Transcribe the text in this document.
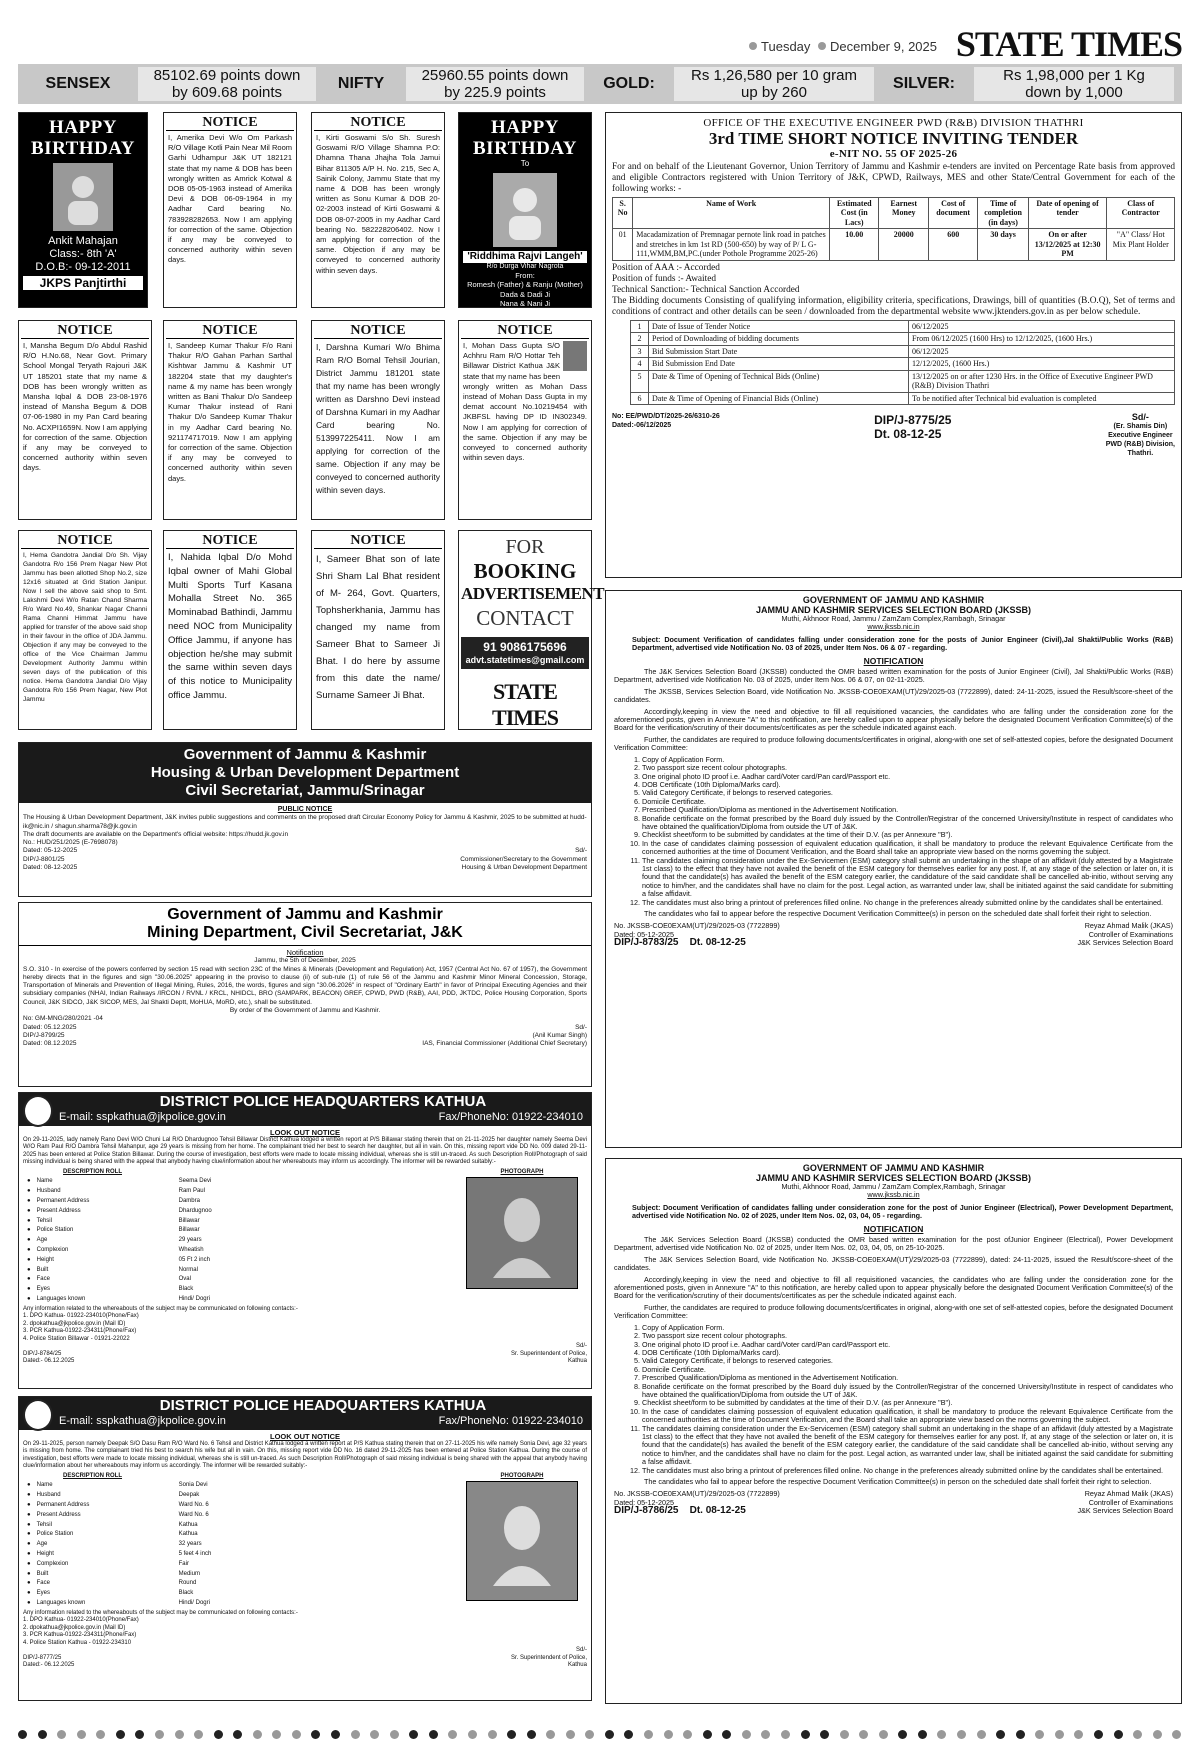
Tuesday December 9, 2025 STATE TIMES
SENSEX	85102.69 points down
by 609.68 points
NIFTY	25960.55 points down
by 225.9 points
GOLD:	Rs 1,26,580 per 10 gram
up by 260
SILVER:	Rs 1,98,000 per 1 Kg
down by 1,000
HAPPY
BIRTHDAY
Ankit Mahajan
Class:- 8th 'A'
D.O.B:- 09-12-2011
JKPS Panjtirthi
NOTICE
I, Amerika Devi W/o Om Parkash R/O Village Kotli Pain Near Mil Room Garhi Udhampur J&K UT 182121 state that my name & DOB has been wrongly written as Amrick Kotwal & DOB 05-05-1963 instead of Amerika Devi & DOB 06-09-1964 in my Aadhar Card bearing No. 783928282653. Now I am applying for correction of the same. Objection if any may be conveyed to concerned authority within seven days.
NOTICE
I, Kirti Goswami S/o Sh. Suresh Goswami R/O Village Shamna P.O: Dhamna Thana Jhajha Tola Jamui Bihar 811305 A/P H. No. 215, Sec A, Sainik Colony, Jammu State that my name & DOB has been wrongly written as Sonu Kumar & DOB 20-02-2003 instead of Kirti Goswami & DOB 08-07-2005 in my Aadhar Card bearing No. 582228206402. Now I am applying for correction of the same. Objection if any may be conveyed to concerned authority within seven days.
HAPPY
BIRTHDAY
To
'Riddhima Rajvi Langeh'
R/o Durga Vihar Nagrota
From:
Romesh (Father) & Ranju (Mother)
Dada & Dadi Ji
Nana & Nani Ji
NOTICE
I, Mansha Begum D/o Abdul Rashid R/O H.No.68, Near Govt. Primary School Mongal Teryath Rajouri J&K UT 185201 state that my name & DOB has been wrongly written as Mansha Iqbal & DOB 23-08-1976 instead of Mansha Begum & DOB 07-06-1980 in my Pan Card bearing No. ACXPI1659N. Now I am applying for correction of the same. Objection if any may be conveyed to concerned authority within seven days.
NOTICE
I, Sandeep Kumar Thakur F/o Rani Thakur R/O Gahan Parhan Sarthal Kishtwar Jammu & Kashmir UT 182204 state that my daughter's name & my name has been wrongly written as Bani Thakur D/o Sandeep Kumar Thakur instead of Rani Thakur D/o Sandeep Kumar Thakur in my Aadhar Card bearing No. 921174717019. Now I am applying for correction of the same. Objection if any may be conveyed to concerned authority within seven days.
NOTICE
I, Darshna Kumari W/o Bhima Ram R/O Bomal Tehsil Jourian, District Jammu 181201 state that my name has been wrongly written as Darshno Devi instead of Darshna Kumari in my Aadhar Card bearing No. 513997225411. Now I am applying for correction of the same. Objection if any may be conveyed to concerned authority within seven days.
NOTICE
I, Mohan Dass Gupta S/O Achhru Ram R/O Hottar Teh Billawar District Kathua J&K state that my name has been wrongly written as Mohan Dass instead of Mohan Dass Gupta in my demat account No.10219454 with JKBFSL having DP ID IN302349. Now I am applying for correction of the same. Objection if any may be conveyed to concerned authority within seven days.
NOTICE
I, Hema Gandotra Jandial D/o Sh. Vijay Gandotra R/o 156 Prem Nagar New Plot Jammu has been allotted Shop No.2, size 12x16 situated at Grid Station Janipur. Now I sell the above said shop to Smt. Lakshmi Devi W/o Ratan Chand Sharma R/o Ward No.49, Shankar Nagar Channi Rama Channi Himmat Jammu have applied for transfer of the above said shop in their favour in the office of JDA Jammu. Objection if any may be conveyed to the office of the Vice Chairman Jammu Development Authority Jammu within seven days of the publication of this notice. Hema Gandotra Jandial D/o Vijay Gandotra R/o 156 Prem Nagar, New Plot Jammu
NOTICE
I, Nahida Iqbal D/o Mohd Iqbal owner of Mahi Global Multi Sports Turf Kasana Mohalla Street No. 365 Mominabad Bathindi, Jammu need NOC from Municipality Office Jammu, if anyone has objection he/she may submit the same within seven days of this notice to Municipality office Jammu.
NOTICE
I, Sameer Bhat son of late Shri Sham Lal Bhat resident of M- 264, Govt. Quarters, Tophsherkhania, Jammu has changed my name from Sameer Bhat to Sameer Ji Bhat. I do here by assume from this date the name/ Surname Sameer Ji Bhat.
FOR
BOOKING
ADVERTISEMENT
CONTACT
91 9086175696
advt.statetimes@gmail.com
STATE TIMES
Government of Jammu & Kashmir
Housing & Urban Development Department
Civil Secretariat, Jammu/Srinagar
PUBLIC NOTICE
The Housing & Urban Development Department, J&K invites public suggestions and comments on the proposed draft Circular Economy Policy for Jammu & Kashmir, 2025 to be submitted at hudd-ik@nic.in / shagun.sharma78@jk.gov.in
The draft documents are available on the Department's official website: https://hudd.jk.gov.in
No.: HUD/251/2025 (E-7698078)
Dated: 05-12-2025	Sd/-
DIP/J-8801/25	Commissioner/Secretary to the Government
Dated: 08-12-2025	Housing & Urban Development Department
Government of Jammu and Kashmir
Mining Department, Civil Secretariat, J&K
Notification
Jammu, the 5th of December, 2025
S.O. 310 - In exercise of the powers conferred by section 15 read with section 23C of the Mines & Minerals (Development and Regulation) Act, 1957 (Central Act No. 67 of 1957), the Government hereby directs that in the figures and sign "30.06.2025" appearing in the proviso to clause (ii) of sub-rule (1) of rule 56 of the Jammu and Kashmir Minor Mineral Concession, Storage, Transportation of Minerals and Prevention of Illegal Mining, Rules, 2016, the words, figures and sign "30.06.2026" in respect of "Ordinary Earth" in favor of Principal Executing Agencies and their subsidiary companies (NHAI, Indian Railways /IRCON / RVNL / KRCL, NHIDCL, BRO (SAMPARK, BEACON) GREF, CPWD, PWD (R&B), AAI, PDD, JKTDC, Police Housing Corporation, Sports Council, J&K SIDCO, J&K SICOP, MES, Jal Shakti Deptt, MoHUA, MoRD, etc.), shall be substituted.
By order of the Government of Jammu and Kashmir.
No: GM-MNG/280/2021 -04
Dated: 05.12.2025	Sd/-
DIP/J-8799/25	(Anil Kumar Singh)
Dated: 08.12.2025	IAS, Financial Commissioner (Additional Chief Secretary)
DISTRICT POLICE HEADQUARTERS KATHUA
E-mail: sspkathua@jkpolice.gov.in	Fax/PhoneNo: 01922-234010
LOOK OUT NOTICE
On 29-11-2025, lady namely Rano Devi W/O Chuni Lal R/O Dhardugnoo Tehsil Billawar District Kathua lodged a written report at P/S Billawar stating therein that on 21-11-2025 her daughter namely Seema Devi W/O Ram Paul R/O Dambra Tehsil Mahanpur, age 29 years is missing from her home. The complainant tried her best to search her daughter, but all in vain. On this, missing report vide DD No. 009 dated 29-11-2025 has been entered at Police Station Billawar. During the course of investigation, best efforts were made to locate missing individual, whereas she is still un-traced. As such Description Roll/Photograph of said missing individual is being shared with the appeal that anybody having clue/information about her whereabouts may inform us accordingly. The informer will be rewarded suitably:-
DESCRIPTION ROLL
●	Name	Seema Devi
●	Husband	Ram Paul
●	Permanent Address	Dambra
●	Present Address	Dhardugnoo
●	Tehsil	Billawar
●	Police Station	Billawar
●	Age	29 years
●	Complexion	Wheatish
●	Height	05 Ft 2 inch
●	Built	Normal
●	Face	Oval
●	Eyes	Black
●	Languages known	Hindi/ Dogri
PHOTOGRAPH
Any information related to the whereabouts of the subject may be communicated on following contacts:-
1. DPO Kathua- 01922-234010(Phone/Fax)
2. dpokathua@jkpolice.gov.in (Mail ID)
3. PCR Kathua-01922-234311(Phone/Fax)
4. Police Station Billawar - 01921-22022
Sd/-
DIP/J-8784/25	Sr. Superintendent of Police,
Dated:- 06.12.2025	Kathua
DISTRICT POLICE HEADQUARTERS KATHUA
E-mail: sspkathua@jkpolice.gov.in	Fax/PhoneNo: 01922-234010
LOOK OUT NOTICE
On 29-11-2025, person namely Deepak S/O Dasu Ram R/O Ward No. 6 Tehsil and District Kathua lodged a written report at P/S Kathua stating therein that on 27-11-2025 his wife namely Sonia Devi, age 32 years is missing from home. The complainant tried his best to search his wife but all in vain. On this, missing report vide DD No. 16 dated 29-11-2025 has been entered at Police Station Kathua. During the course of investigation, best efforts were made to locate missing individual, whereas she is still un-traced. As such Description Roll/Photograph of said missing individual is being shared with the appeal that anybody having clue/information about her whereabouts may inform us accordingly. The informer will be rewarded suitably:-
DESCRIPTION ROLL
●	Name	Sonia Devi
●	Husband	Deepak
●	Permanent Address	Ward No. 6
●	Present Address	Ward No. 6
●	Tehsil	Kathua
●	Police Station	Kathua
●	Age	32 years
●	Height	5 feet 4 inch
●	Complexion	Fair
●	Built	Medium
●	Face	Round
●	Eyes	Black
●	Languages known	Hindi/ Dogri
PHOTOGRAPH
Any information related to the whereabouts of the subject may be communicated on following contacts:-
1. DPO Kathua- 01922-234010(Phone/Fax)
2. dpokathua@jkpolice.gov.in (Mail ID)
3. PCR Kathua-01922-234311(Phone/Fax)
4. Police Station Kathua - 01922-234310
Sd/-
DIP/J-8777/25	Sr. Superintendent of Police,
Dated:- 06.12.2025	Kathua
OFFICE OF THE EXECUTIVE ENGINEER PWD (R&B) DIVISION THATHRI
3rd TIME SHORT NOTICE INVITING TENDER
e-NIT NO. 55 OF 2025-26

For and on behalf of the Lieutenant Governor, Union Territory of Jammu and Kashmir e-tenders are invited on Percentage Rate basis from approved and eligible Contractors registered with Union Territory of J&K, CPWD, Railways, MES and other State/Central Government for each of the following works: -

S. No	Name of Work	Estimated Cost (in Lacs)	Earnest Money	Cost of document	Time of completion (in days)	Date of opening of tender	Class of Contractor
01	Macadamization of Premnagar pernote link road in patches and stretches in km 1st RD (500-650) by way of P/ L G-111,WMM,BM,PC.(under Pothole Programme 2025-26)	10.00	20000	600	30 days	On or after 13/12/2025 at 12:30 PM	"A" Class/ Hot Mix Plant Holder

Position of AAA :- Accorded

Position of funds :- Awaited

Technical Sanction:- Technical Sanction Accorded

The Bidding documents Consisting of qualifying information, eligibility criteria, specifications, Drawings, bill of quantities (B.O.Q), Set of terms and conditions of contract and other details can be seen / downloaded from the departmental website www.jktenders.gov.in as per below schedule.

1	Date of Issue of Tender Notice	06/12/2025
2	Period of Downloading of bidding documents	From 06/12/2025 (1600 Hrs) to 12/12/2025, (1600 Hrs.)
3	Bid Submission Start Date	06/12/2025
4	Bid Submission End Date	12/12/2025, (1600 Hrs.)
5	Date & Time of Opening of Technical Bids (Online)	13/12/2025 on or after 1230 Hrs. in the Office of Executive Engineer PWD (R&B) Division Thathri
6	Date & Time of Opening of Financial Bids (Online)	To be notified after Technical bid evaluation is completed
No: EE/PWD/DT/2025-26/6310-26
Dated:-06/12/2025	DIP/J-8775/25
Dt. 08-12-25
Sd/-
(Er. Shamis Din)
Executive Engineer
PWD (R&B) Division,
Thathri.
GOVERNMENT OF JAMMU AND KASHMIR
JAMMU AND KASHMIR SERVICES SELECTION BOARD (JKSSB)
Muthi, Akhnoor Road, Jammu / ZamZam Complex,Rambagh, Srinagar
www.jkssb.nic.in

Subject: Document Verification of candidates falling under consideration zone for the posts of Junior Engineer (Civil),Jal Shakti/Public Works (R&B) Department, advertised vide Notification No. 03 of 2025, under Item Nos. 06 & 07 - regarding.

NOTIFICATION

The J&K Services Selection Board (JKSSB) conducted the OMR based written examination for the posts of Junior Engineer (Civil), Jal Shakti/Public Works (R&B) Department, advertised vide Notification No. 03 of 2025, under Item Nos. 06 & 07, on 02-11-2025.

The JKSSB, Services Selection Board, vide Notification No. JKSSB-COE0EXAM(UT)/29/2025-03 (7722899), dated: 24-11-2025, issued the Result/score-sheet of the candidates.

Accordingly,keeping in view the need and objective to fill all requisitioned vacancies, the candidates who are falling under the consideration zone for the aforementioned posts, given in Annexure "A" to this notification, are hereby called upon to appear physically before the designated Document Verification Committee(s) of the Board for the verification/scrutiny of their documents/certificates as per the schedule indicated against each.

Further, the candidates are required to produce following documents/certificates in original, along-with one set of self-attested copies, before the designated Document Verification Committee:

1. Copy of Application Form.
2. Two passport size recent colour photographs.
3. One original photo ID proof i.e. Aadhar card/Voter card/Pan card/Passport etc.
4. DOB Certificate (10th Diploma/Marks card).
5. Valid Category Certificate, if belongs to reserved categories.
6. Domicile Certificate.
7. Prescribed Qualification/Diploma as mentioned in the Advertisement Notification.
8. Bonafide certificate on the format prescribed by the Board duly issued by the Controller/Registrar of the concerned University/Institute in respect of candidates who have obtained the qualification/Diploma from outside the UT of J&K.
9. Checklist sheet/form to be submitted by candidates at the time of their D.V. (as per Annexure "B").
10. In the case of candidates claiming possession of equivalent education qualification, it shall be mandatory to produce the relevant Equivalence Certificate from the concerned authorities at the time of Document Verification, and the Board shall take an appropriate view based on the norms governing the subject.
11. The candidates claiming consideration under the Ex-Servicemen (ESM) category shall submit an undertaking in the shape of an affidavit (duly attested by a Magistrate 1st class) to the effect that they have not availed the benefit of the ESM category for themselves earlier for any post. If, at any stage of the selection or later on, it is found that the candidate(s) has availed the benefit of the ESM category earlier, the candidature of the said candidate shall be cancelled ab-initio, without serving any notice to him/her, and the candidates shall have no claim for the post. Legal action, as warranted under law, shall be initiated against the said candidate for submitting a false affidavit.
12. The candidates must also bring a printout of preferences filled online. No change in the preferences already submitted online by the candidates shall be entertained.

The candidates who fail to appear before the respective Document Verification Committee(s) in person on the scheduled date shall forfeit their right to selection.

No. JKSSB-COE0EXAM(UT)/29/2025-03 (7722899)	Reyaz Ahmad Malik (JKAS)
Dated: 05-12-2025	Controller of Examinations
DIP/J-8783/25 Dt. 08-12-25	J&K Services Selection Board
GOVERNMENT OF JAMMU AND KASHMIR
JAMMU AND KASHMIR SERVICES SELECTION BOARD (JKSSB)
Muthi, Akhnoor Road, Jammu / ZamZam Complex,Rambagh, Srinagar
www.jkssb.nic.in

Subject: Document Verification of candidates falling under consideration zone for the post of Junior Engineer (Electrical), Power Development Department, advertised vide Notification No. 02 of 2025, under Item Nos. 02, 03, 04, 05 - regarding.

NOTIFICATION

The J&K Services Selection Board (JKSSB) conducted the OMR based written examination for the post ofJunior Engineer (Electrical), Power Development Department, advertised vide Notification No. 02 of 2025, under Item Nos. 02, 03, 04, 05, on 25-10-2025.

The J&K Services Selection Board, vide Notification No. JKSSB-COE0EXAM(UT)/29/2025-03 (7722899), dated: 24-11-2025, issued the Result/score-sheet of the candidates.

Accordingly,keeping in view the need and objective to fill all requisitioned vacancies, the candidates who are falling under the consideration zone for the aforementioned posts, given in Annexure "A" to this notification, are hereby called upon to appear physically before the designated Document Verification Committee(s) of the Board for the verification/scrutiny of their documents/certificates as per the schedule indicated against each.

Further, the candidates are required to produce following documents/certificates in original, along-with one set of self-attested copies, before the designated Document Verification Committee:

1. Copy of Application Form.
2. Two passport size recent colour photographs.
3. One original photo ID proof i.e. Aadhar card/Voter card/Pan card/Passport etc.
4. DOB Certificate (10th Diploma/Marks card).
5. Valid Category Certificate, if belongs to reserved categories.
6. Domicile Certificate.
7. Prescribed Qualification/Diploma as mentioned in the Advertisement Notification.
8. Bonafide certificate on the format prescribed by the Board duly issued by the Controller/Registrar of the concerned University/Institute in respect of candidates who have obtained the qualification/Diploma from outside the UT of J&K.
9. Checklist sheet/form to be submitted by candidates at the time of their D.V. (as per Annexure "B").
10. In the case of candidates claiming possession of equivalent education qualification, it shall be mandatory to produce the relevant Equivalence Certificate from the concerned authorities at the time of Document Verification, and the Board shall take an appropriate view based on the norms governing the subject.
11. The candidates claiming consideration under the Ex-Servicemen (ESM) category shall submit an undertaking in the shape of an affidavit (duly attested by a Magistrate 1st class) to the effect that they have not availed the benefit of the ESM category for themselves earlier for any post. If, at any stage of the selection or later on, it is found that the candidate(s) has availed the benefit of the ESM category earlier, the candidature of the said candidate shall be cancelled ab-initio, without serving any notice to him/her, and the candidates shall have no claim for the post. Legal action, as warranted under law, shall be initiated against the said candidate for submitting a false affidavit.
12. The candidates must also bring a printout of preferences filled online. No change in the preferences already submitted online by the candidates shall be entertained.

The candidates who fail to appear before the respective Document Verification Committee(s) in person on the scheduled date shall forfeit their right to selection.

No. JKSSB-COE0EXAM(UT)/29/2025-03 (7722899)	Reyaz Ahmad Malik (JKAS)
Dated: 05-12-2025	Controller of Examinations
DIP/J-8786/25 Dt. 08-12-25	J&K Services Selection Board
